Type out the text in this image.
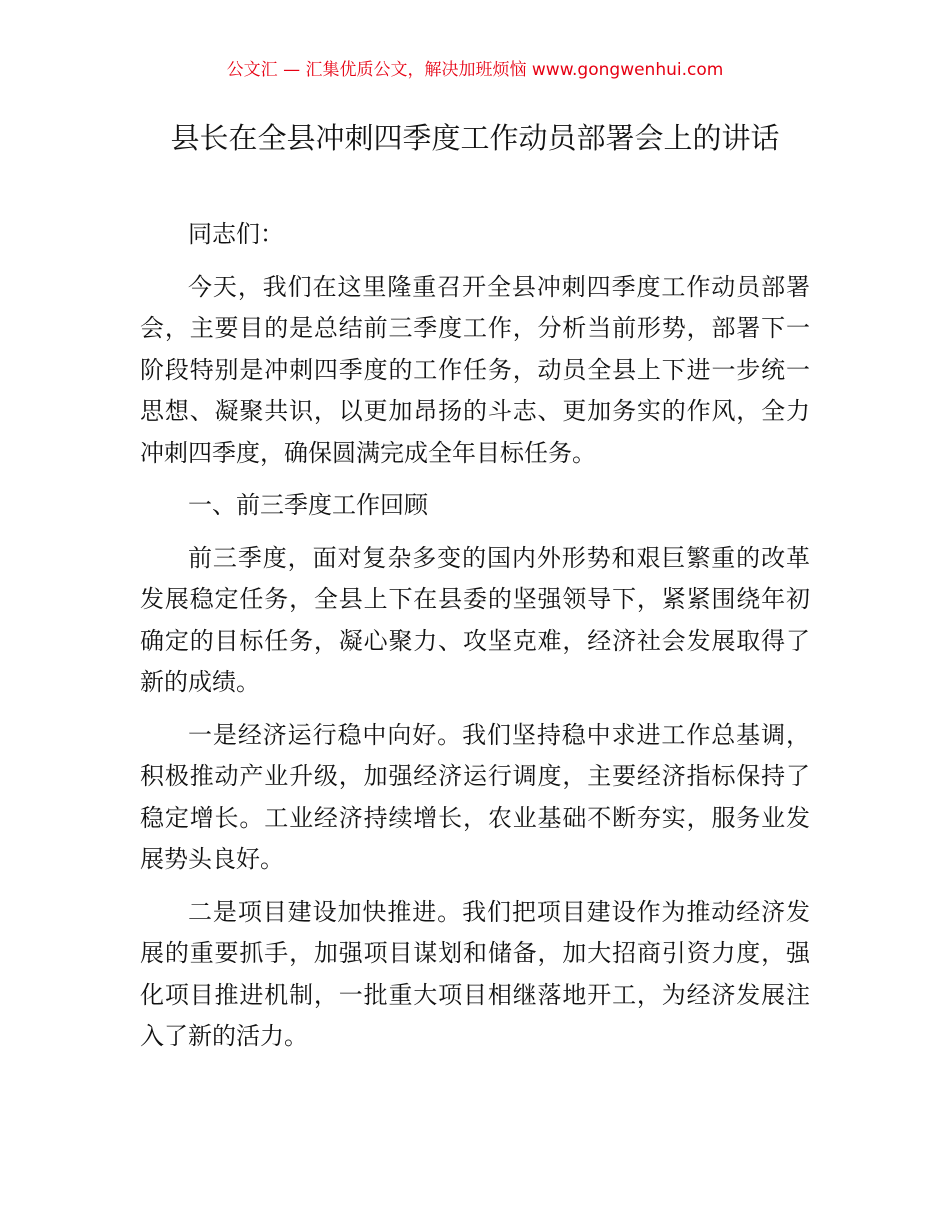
公文汇 — 汇集优质公文，解决加班烦恼 www.gongwenhui.com
县长在全县冲刺四季度工作动员部署会上的讲话

同志们：

今天，我们在这里隆重召开全县冲刺四季度工作动员部署会，主要目的是总结前三季度工作，分析当前形势，部署下一阶段特别是冲刺四季度的工作任务，动员全县上下进一步统一思想、凝聚共识，以更加昂扬的斗志、更加务实的作风，全力冲刺四季度，确保圆满完成全年目标任务。

一、前三季度工作回顾

前三季度，面对复杂多变的国内外形势和艰巨繁重的改革发展稳定任务，全县上下在县委的坚强领导下，紧紧围绕年初确定的目标任务，凝心聚力、攻坚克难，经济社会发展取得了新的成绩。

一是经济运行稳中向好。我们坚持稳中求进工作总基调，积极推动产业升级，加强经济运行调度，主要经济指标保持了稳定增长。工业经济持续增长，农业基础不断夯实，服务业发展势头良好。

二是项目建设加快推进。我们把项目建设作为推动经济发展的重要抓手，加强项目谋划和储备，加大招商引资力度，强化项目推进机制，一批重大项目相继落地开工，为经济发展注入了新的活力。
